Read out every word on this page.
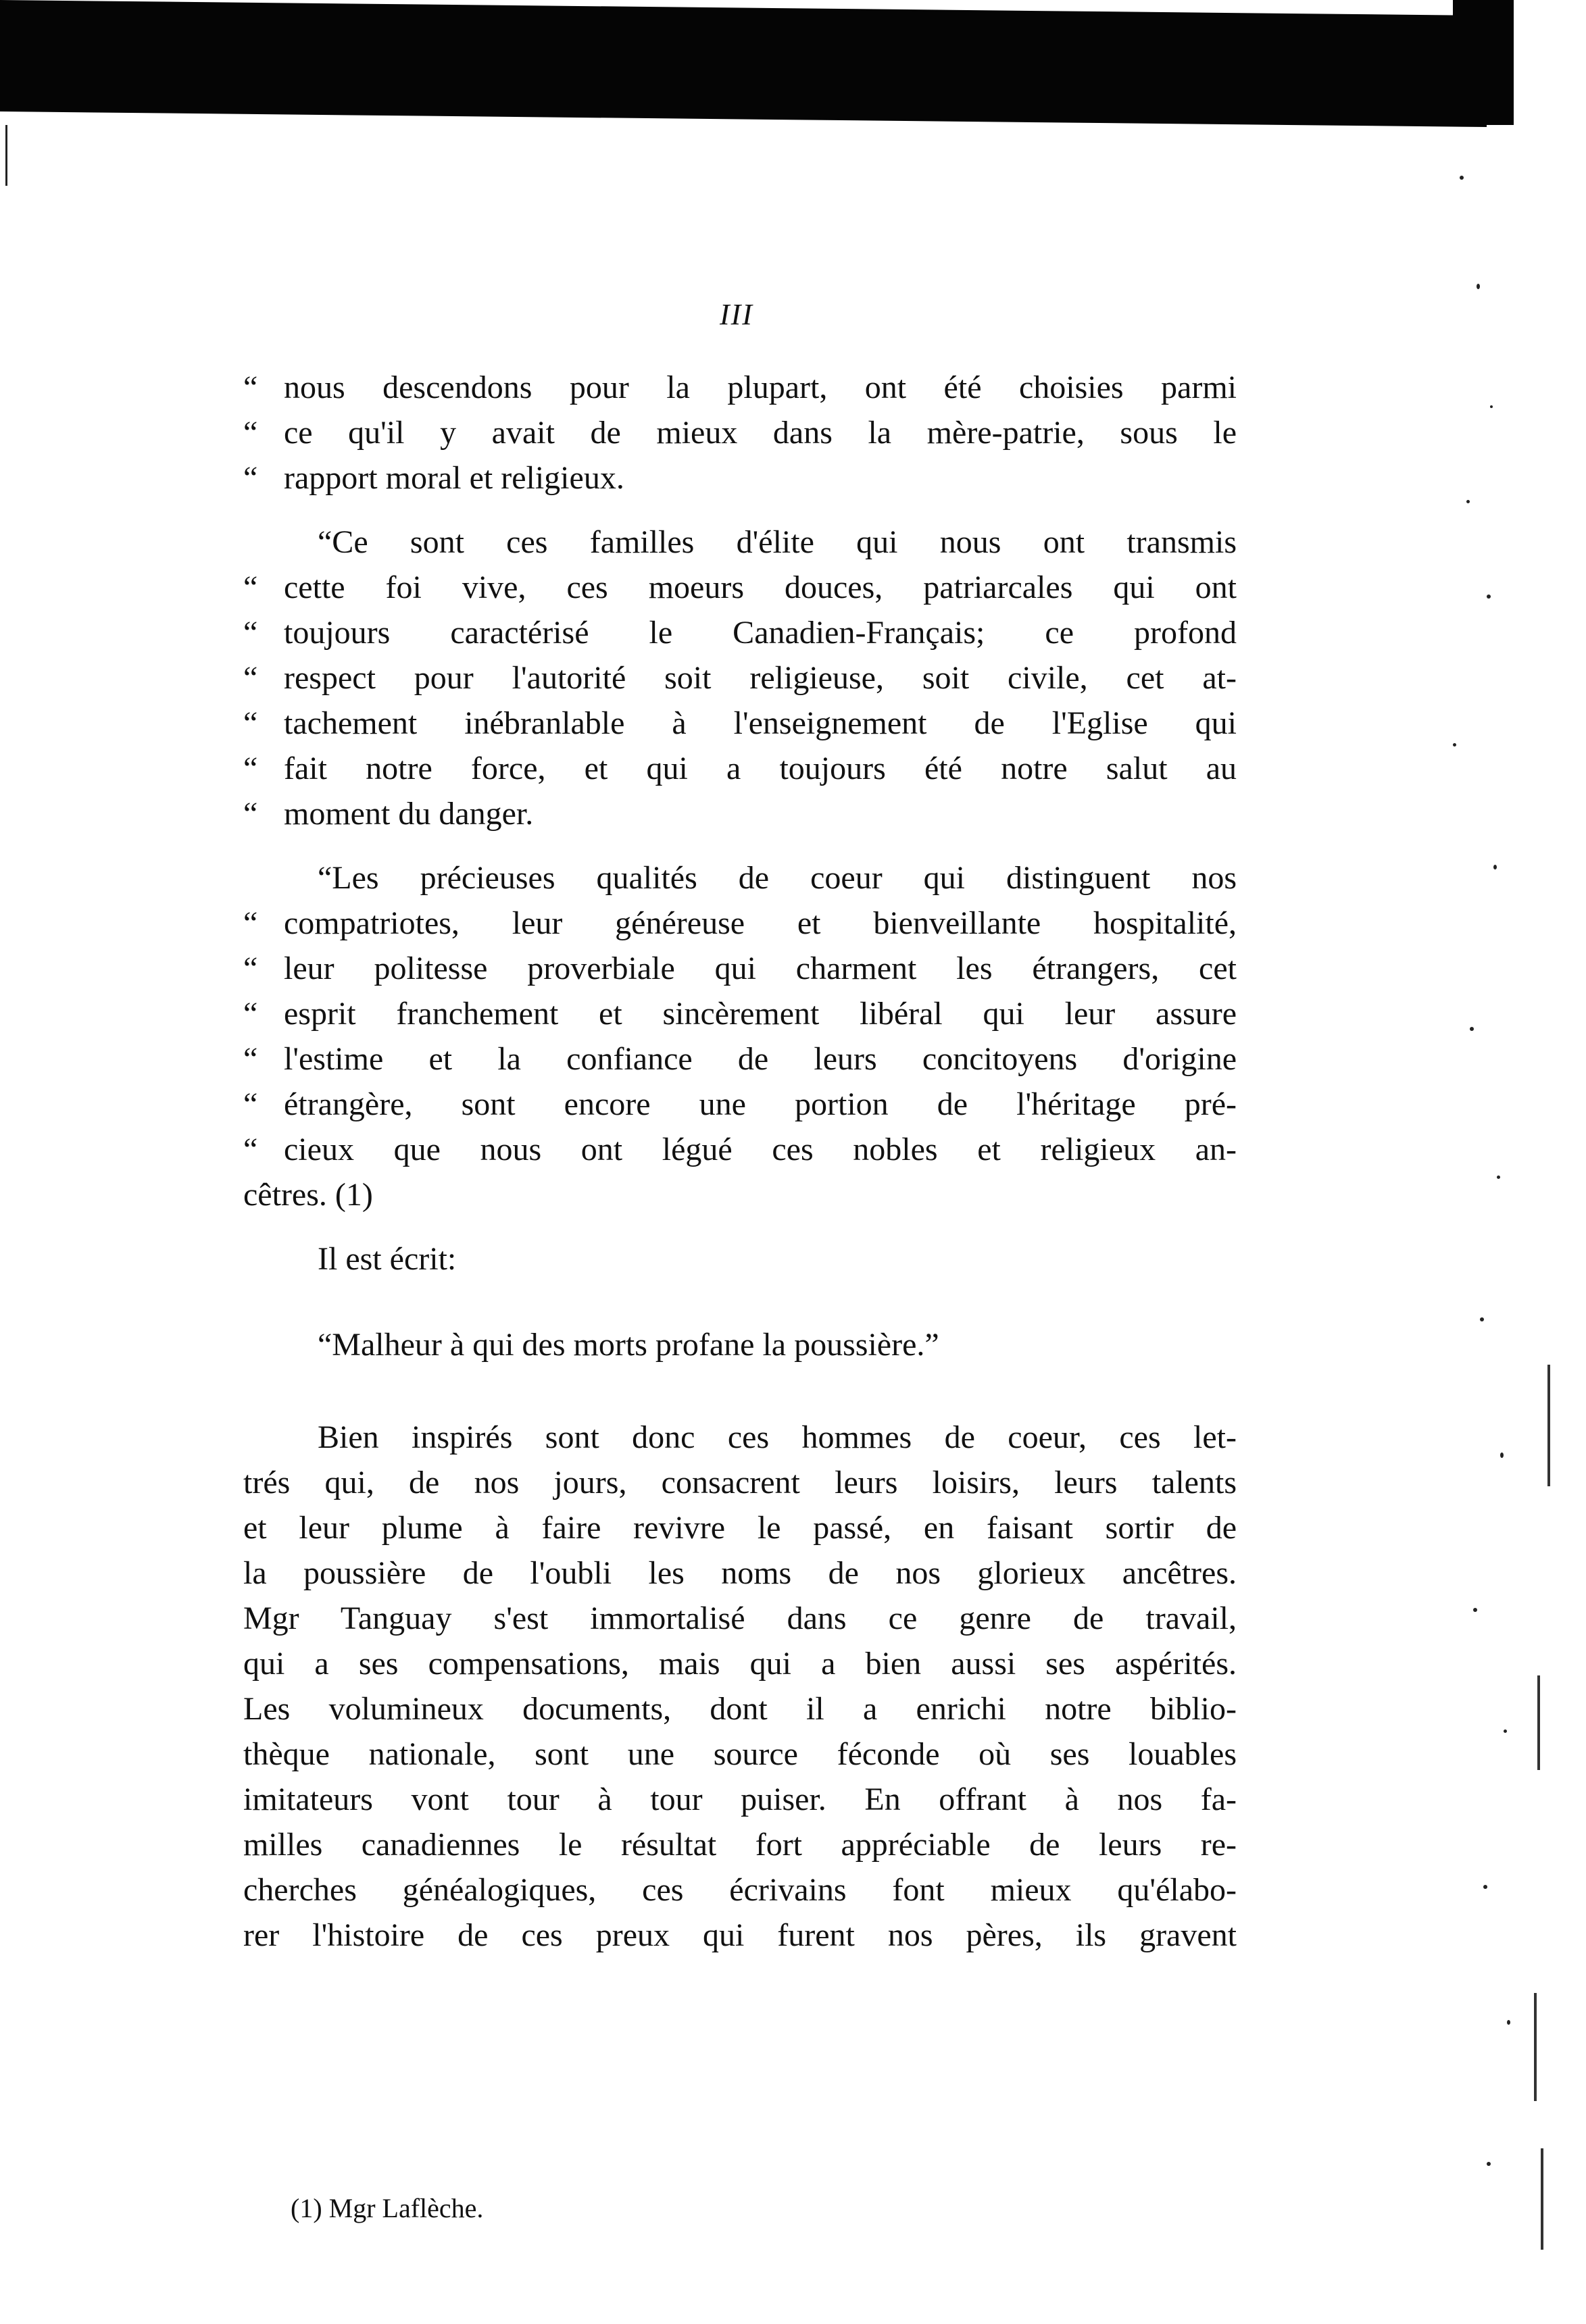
III
“ nous descendons pour la plupart, ont été choisies parmi
“ ce qu'il y avait de mieux dans la mère-patrie, sous le
“ rapport moral et religieux.
“Ce sont ces familles d'élite qui nous ont transmis
“ cette foi vive, ces moeurs douces, patriarcales qui ont
“ toujours caractérisé le Canadien-Français; ce profond
“ respect pour l'autorité soit religieuse, soit civile, cet at-
“ tachement inébranlable à l'enseignement de l'Eglise qui
“ fait notre force, et qui a toujours été notre salut au
“ moment du danger.
“Les précieuses qualités de coeur qui distinguent nos
“ compatriotes, leur généreuse et bienveillante hospitalité,
“ leur politesse proverbiale qui charment les étrangers, cet
“ esprit franchement et sincèrement libéral qui leur assure
“ l'estime et la confiance de leurs concitoyens d'origine
“ étrangère, sont encore une portion de l'héritage pré-
“ cieux que nous ont légué ces nobles et religieux an-
cêtres. (1)
Il est écrit:
“Malheur à qui des morts profane la poussière.”
Bien inspirés sont donc ces hommes de coeur, ces let-
trés qui, de nos jours, consacrent leurs loisirs, leurs talents
et leur plume à faire revivre le passé, en faisant sortir de
la poussière de l'oubli les noms de nos glorieux ancêtres.
Mgr Tanguay s'est immortalisé dans ce genre de travail,
qui a ses compensations, mais qui a bien aussi ses aspérités.
Les volumineux documents, dont il a enrichi notre biblio-
thèque nationale, sont une source féconde où ses louables
imitateurs vont tour à tour puiser. En offrant à nos fa-
milles canadiennes le résultat fort appréciable de leurs re-
cherches généalogiques, ces écrivains font mieux qu'élabo-
rer l'histoire de ces preux qui furent nos pères, ils gravent
(1) Mgr Laflèche.
